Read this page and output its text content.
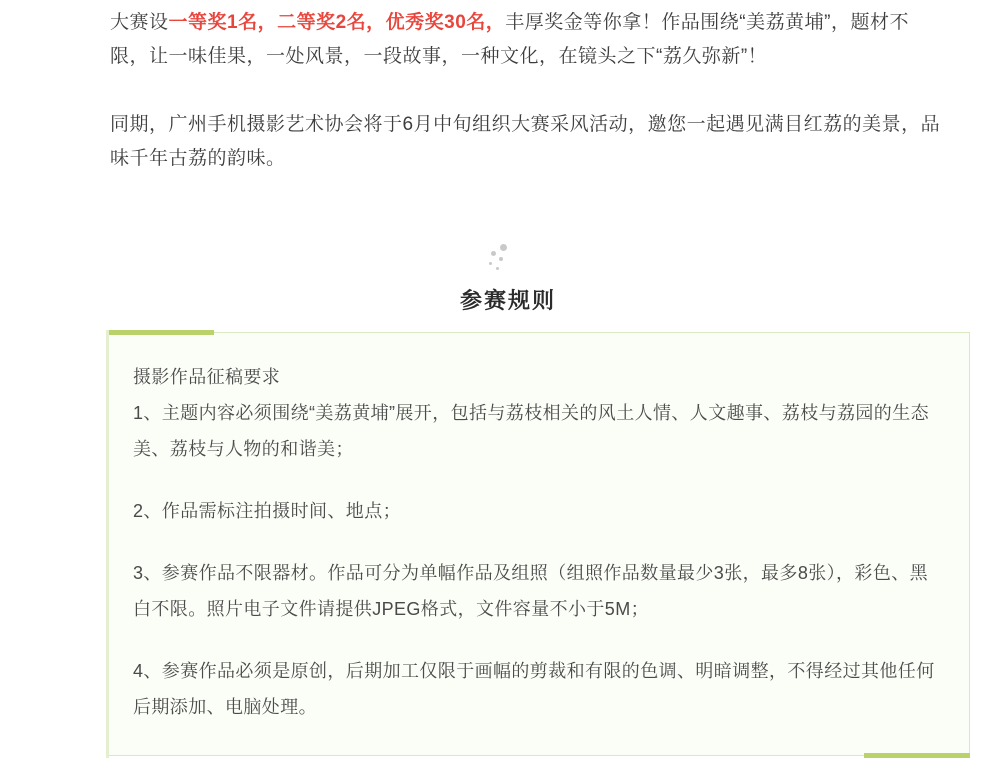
大赛设一等奖1名，二等奖2名，优秀奖30名，丰厚奖金等你拿！作品围绕“美荔黄埔”，题材不限，让一味佳果，一处风景，一段故事，一种文化，在镜头之下“荔久弥新”！

同期，广州手机摄影艺术协会将于6月中旬组织大赛采风活动，邀您一起遇见满目红荔的美景，品味千年古荔的韵味。

参赛规则

摄影作品征稿要求

1、主题内容必须围绕“美荔黄埔”展开，包括与荔枝相关的风土人情、人文趣事、荔枝与荔园的生态美、荔枝与人物的和谐美；

2、作品需标注拍摄时间、地点；

3、参赛作品不限器材。作品可分为单幅作品及组照（组照作品数量最少3张，最多8张），彩色、黑白不限。照片电子文件请提供JPEG格式，文件容量不小于5M；

4、参赛作品必须是原创，后期加工仅限于画幅的剪裁和有限的色调、明暗调整，不得经过其他任何后期添加、电脑处理。
